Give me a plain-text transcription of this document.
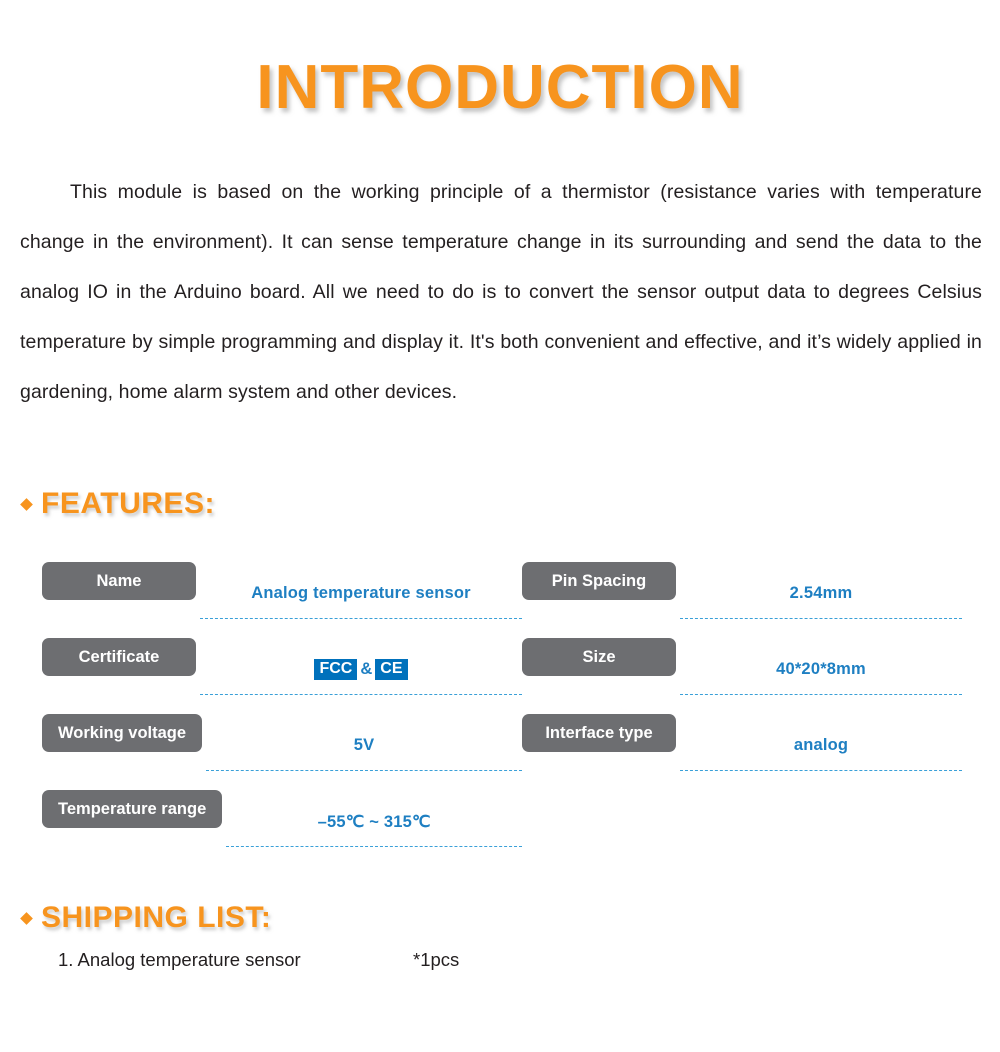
INTRODUCTION

This module is based on the working principle of a thermistor (resistance varies with temperature change in the environment). It can sense temperature change in its surrounding and send the data to the analog IO in the Arduino board. All we need to do is to convert the sensor output data to degrees Celsius temperature by simple programming and display it. It's both convenient and effective, and it’s widely applied in gardening, home alarm system and other devices.

FEATURES:
Name
Analog temperature sensor
Pin Spacing
2.54mm
Certificate
FCC & CE
Size
40*20*8mm
Working voltage
5V
Interface type
analog
Temperature range
–55℃ ~ 315℃
SHIPPING LIST:
1. Analog temperature sensor	*1pcs
